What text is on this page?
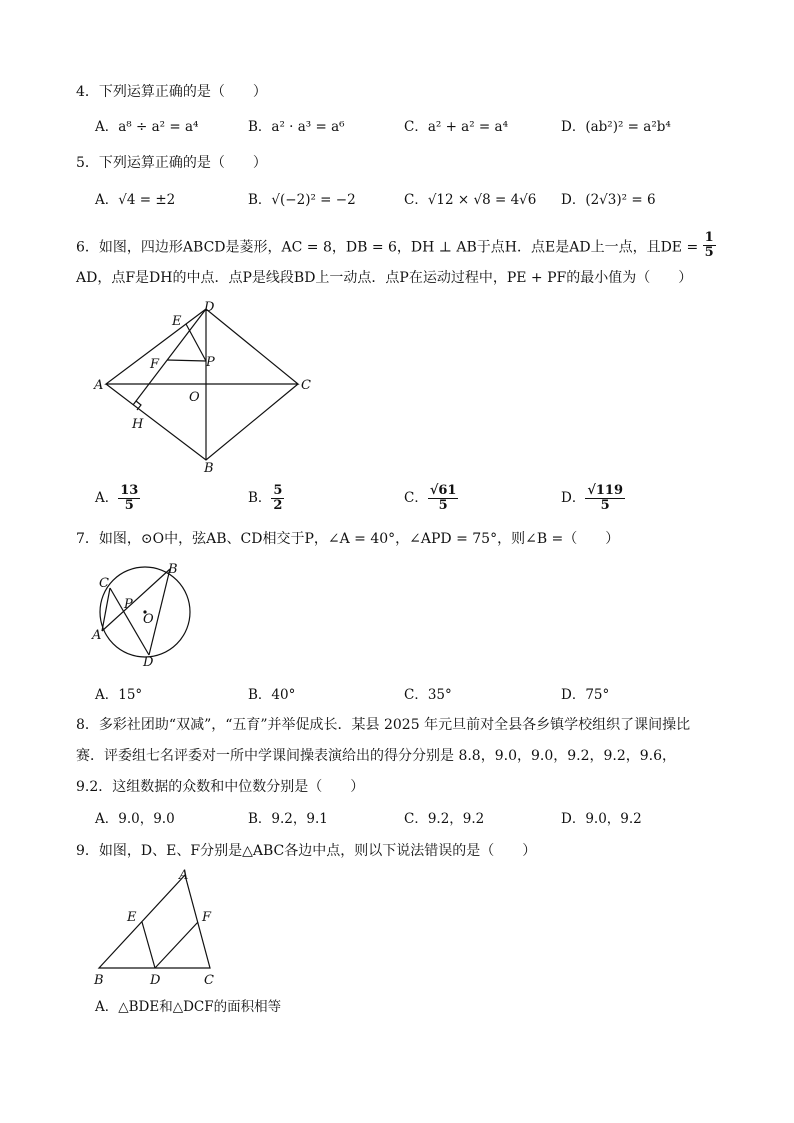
4．下列运算正确的是（　　）
A．a⁸ ÷ a² = a⁴	B．a² · a³ = a⁶	C．a² + a² = a⁴	D．(ab²)² = a²b⁴
5．下列运算正确的是（　　）
A．√4 = ±2	B．√(−2)² = −2	C．√12 × √8 = 4√6 D．(2√3)² = 6
6．如图，四边形ABCD是菱形，AC = 8，DB = 6，DH ⊥ AB于点H．点E是AD上一点，且DE = $\frac{1}{5}$
AD，点F是DH的中点．点P是线段BD上一动点．点P在运动过程中，PE + PF的最小值为（　　）
D
E
F	P
A
O
C
H
B
A． $\frac{13}{5}$	B． $\frac{5}{2}$	C． $\frac{√61}{5}$	D． $\frac{√119}{5}$
7．如图，⊙O中，弦AB、CD相交于P，∠A = 40°，∠APD = 75°，则∠B =（　　）
B
C
P
O
A
D
A．15°	B．40°	C．35°	D．75°
8．多彩社团助“双减”，“五育”并举促成长．某县 2025 年元旦前对全县各乡镇学校组织了课间操比
赛．评委组七名评委对一所中学课间操表演给出的得分分别是 8.8，9.0，9.0，9.2，9.2，9.6，
9.2．这组数据的众数和中位数分别是（　　）
A．9.0，9.0	B．9.2，9.1	C．9.2，9.2	D．9.0，9.2
9．如图，D、E、F分别是△ABC各边中点，则以下说法错误的是（　　）
A
E	F
B	D	C
A．△BDE和△DCF的面积相等
